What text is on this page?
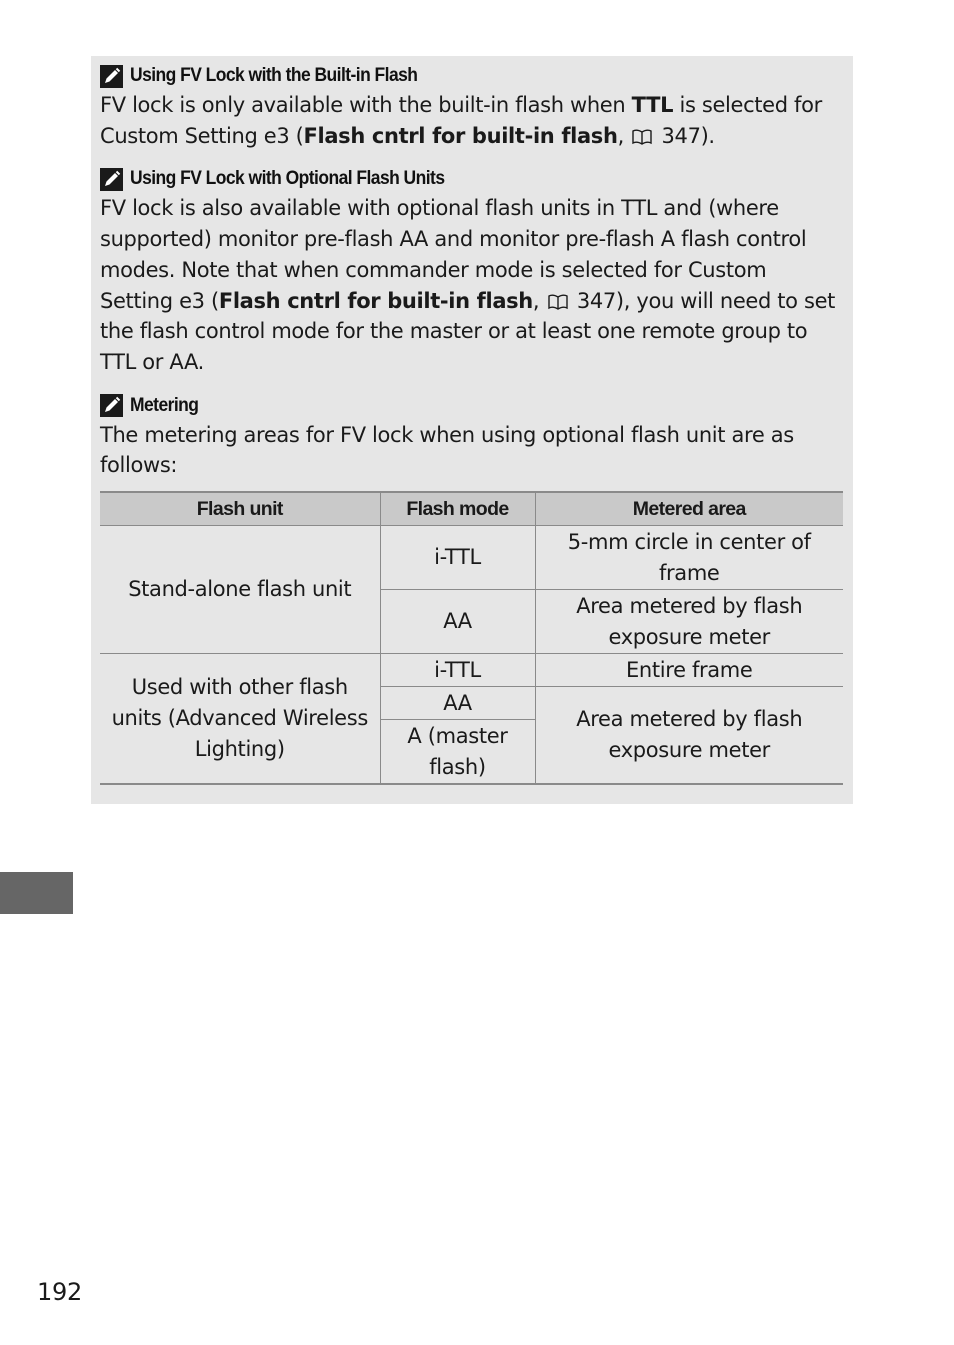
Using FV Lock with the Built-in Flash

FV lock is only available with the built-in flash when TTL is selected for Custom Setting e3 (Flash cntrl for built-in flash,  347).

Using FV Lock with Optional Flash Units

FV lock is also available with optional flash units in TTL and (where supported) monitor pre-flash AA and monitor pre-flash A flash control modes. Note that when commander mode is selected for Custom Setting e3 (Flash cntrl for built-in flash,  347), you will need to set the flash control mode for the master or at least one remote group to TTL or AA.

Metering

The metering areas for FV lock when using optional flash unit are as follows:

Flash unit	Flash mode	Metered area
Stand-alone flash unit	i-TTL	5-mm circle in center of frame
	AA	Area metered by flash exposure meter
Used with other flash units (Advanced Wireless Lighting)	i-TTL	Entire frame
	AA	Area metered by flash exposure meter
	A (master flash)	
192
